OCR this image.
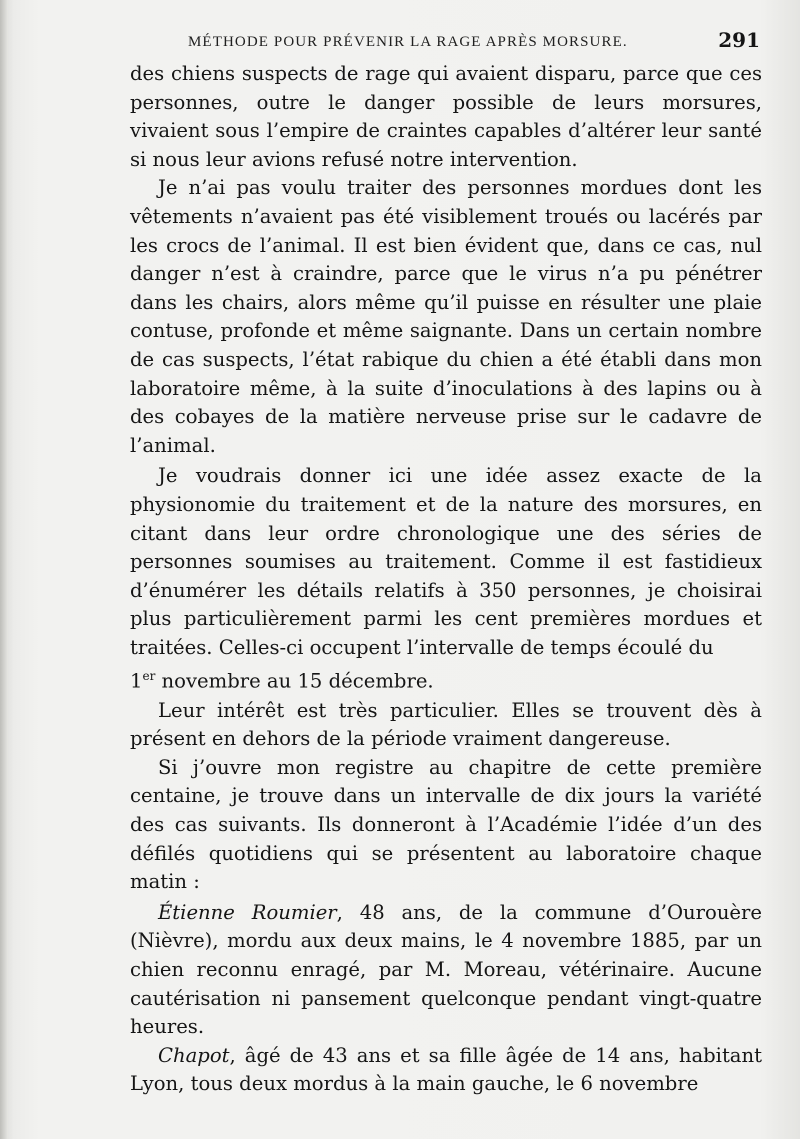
MÉTHODE POUR PRÉVENIR LA RAGE APRÈS MORSURE.	291

des chiens suspects de rage qui avaient disparu, parce que ces personnes, outre le danger possible de leurs morsures, vivaient sous l’empire de craintes capables d’altérer leur santé si nous leur avions refusé notre intervention.

Je n’ai pas voulu traiter des personnes mordues dont les vêtements n’avaient pas été visiblement troués ou lacérés par les crocs de l’animal. Il est bien évident que, dans ce cas, nul danger n’est à craindre, parce que le virus n’a pu pénétrer dans les chairs, alors même qu’il puisse en résulter une plaie contuse, profonde et même saignante. Dans un certain nombre de cas suspects, l’état rabique du chien a été établi dans mon laboratoire même, à la suite d’inoculations à des lapins ou à des cobayes de la matière nerveuse prise sur le cadavre de l’animal.

Je voudrais donner ici une idée assez exacte de la physionomie du traitement et de la nature des morsures, en citant dans leur ordre chronologique une des séries de personnes soumises au traitement. Comme il est fastidieux d’énumérer les détails relatifs à 350 personnes, je choisirai plus particulièrement parmi les cent premières mordues et traitées. Celles-ci occupent l’intervalle de temps écoulé du

1er novembre au 15 décembre.

Leur intérêt est très particulier. Elles se trouvent dès à présent en dehors de la période vraiment dangereuse.

Si j’ouvre mon registre au chapitre de cette première centaine, je trouve dans un intervalle de dix jours la variété des cas suivants. Ils donneront à l’Académie l’idée d’un des défilés quotidiens qui se présentent au laboratoire chaque matin :

Étienne Roumier, 48 ans, de la commune d’Ourouère (Nièvre), mordu aux deux mains, le 4 novembre 1885, par un chien reconnu enragé, par M. Moreau, vétérinaire. Aucune cautérisation ni pansement quelconque pendant vingt-quatre heures.

Chapot, âgé de 43 ans et sa fille âgée de 14 ans, habitant Lyon, tous deux mordus à la main gauche, le 6 novembre
